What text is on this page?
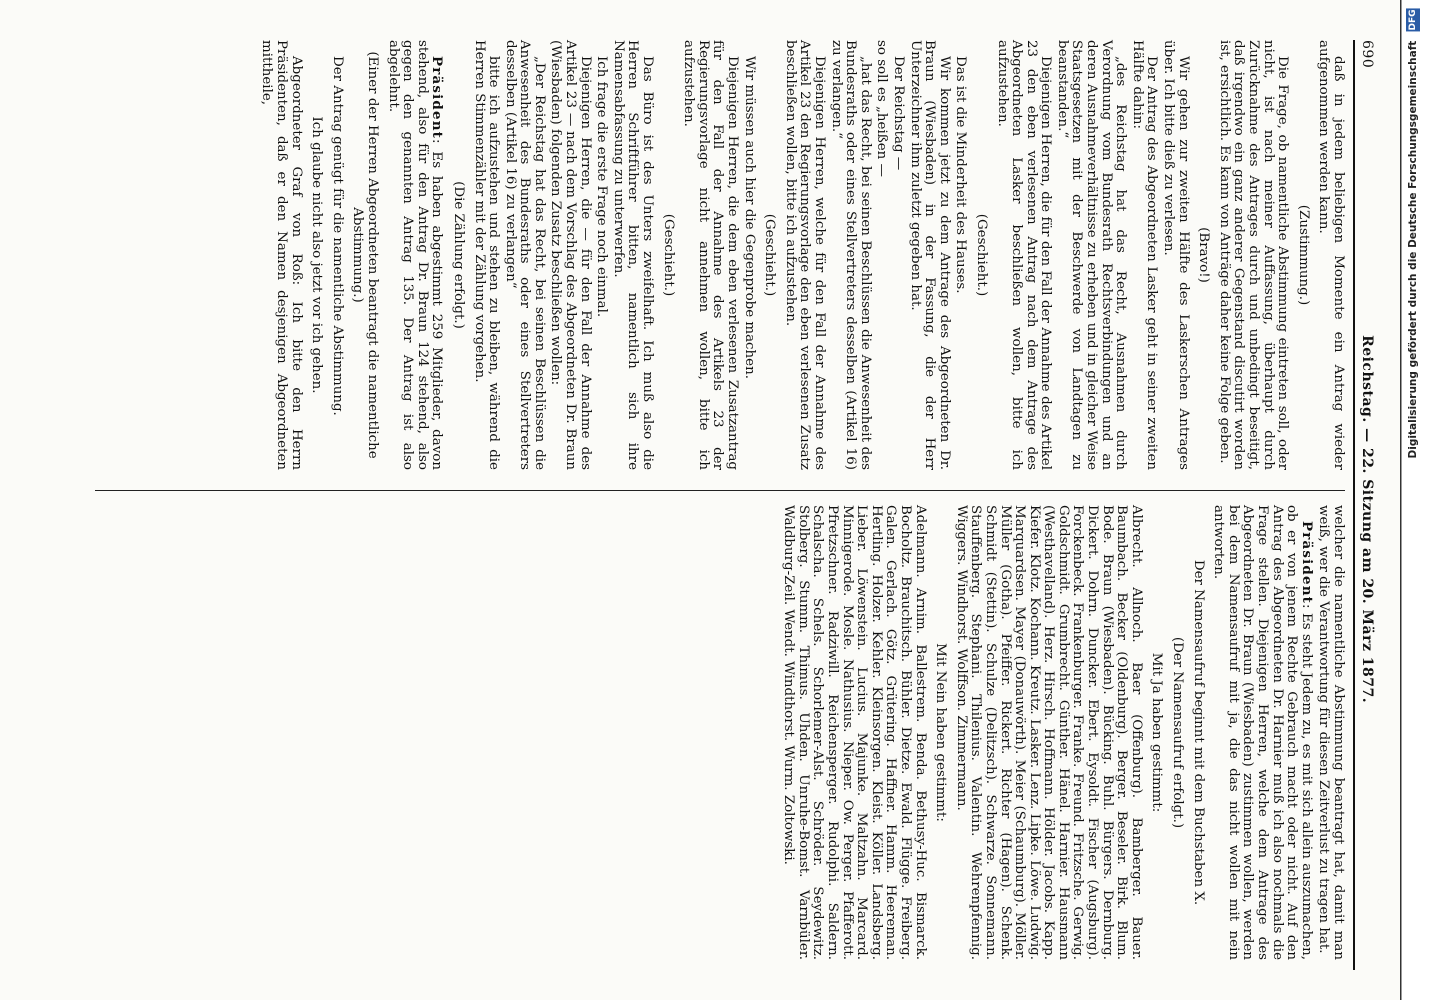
690
Reichstag. — 22. Sitzung am 20. März 1877.

daß in jedem beliebigen Momente ein Antrag wieder aufgenommen werden kann.

(Zustimmung.)

Die Frage, ob namentliche Abstimmung eintreten soll, oder nicht, ist nach meiner Auffassung, überhaupt durch Zurücknahme des Antrages durch und unbedingt beseitigt, daß irgendwo ein ganz anderer Gegenstand discutirt worden ist, ersichtlich. Es kann von Anträge daher keine Folge geben.

(Bravo!)

Wir gehen zur zweiten Hälfte des Laskerschen Antrages über. Ich bitte dieß zu verlesen.

Der Antrag des Abgeordneten Lasker geht in seiner zweiten Hälfte dahin:

„des Reichstag hat das Recht, Ausnahmen durch Verordnung vom Bundesrath Rechtsverbindungen und an deren Ausnahmeverhältnisse zu erheben und in gleicher Weise Staatsgesetzen mit der Beschwerde von Landtagen zu beanstanden.“

Diejenigen Herren, die für den Fall der Annahme des Artikel 23 den eben verlesenen Antrag nach dem Antrage des Abgeordneten Lasker beschließen wollen, bitte ich aufzustehen.

(Geschieht.)

Das ist die Minderheit des Hauses.

Wir kommen jetzt zu dem Antrage des Abgeordneten Dr. Braun (Wiesbaden) in der Fassung, die der Herr Unterzeichner ihm zuletzt gegeben hat.

Der Reichstag —

so soll es „heißen —

„hat das Recht, bei seinen Beschlüssen die Anwesenheit des Bundesraths oder eines Stellvertreters desselben (Artikel 16) zu verlangen.“

Diejenigen Herren, welche für den Fall der Annahme des Artikel 23 den Regierungsvorlage den eben verlesenen Zusatz beschließen wollen, bitte ich aufzustehen.

(Geschieht.)

Wir müssen auch hier die Gegenprobe machen.

Diejenigen Herren, die dem eben verlesenen Zusatzantrag für den Fall der Annahme des Artikels 23 der Regierungsvorlage nicht annehmen wollen, bitte ich aufzustehen.

(Geschieht.)

Das Büro ist des Unters zweifelhaft. Ich muß also die Herren Schriftführer bitten, namentlich sich ihre Namensabfassung zu unterwerfen.

Ich frage die erste Frage noch einmal.

Diejenigen Herren, die — für den Fall der Annahme des Artikel 23 — nach dem Vorschlag des Abgeordneten Dr. Braun (Wiesbaden) folgenden Zusatz beschließen wollen:

„Der Reichstag hat das Recht, bei seinen Beschlüssen die Anwesenheit des Bundesraths oder eines Stellvertreters desselben (Artikel 16) zu verlangen“

bitte ich aufzustehen und stehen zu bleiben, während die Herren Stimmenzähler mit der Zählung vorgehen.

(Die Zählung erfolgt.)

Präsident: Es haben abgestimmt 259 Mitglieder, davon stehend, also für den Antrag Dr. Braun 124 stehend, also gegen den genannten Antrag 135. Der Antrag ist also abgelehnt.

(Einer der Herren Abgeordneten beantragt die namentliche Abstimmung.)

Der Antrag genügt für die namentliche Abstimmung.

Ich glaube nicht also jetzt vor ich gehen.

Abgeordneter Graf von Roß: Ich bitte den Herrn Präsidenten, daß er den Namen desjenigen Abgeordneten mittheile,

welcher die namentliche Abstimmung beantragt hat, damit man weiß, wer die Verantwortung für diesen Zeitverlust zu tragen hat.

Präsident: Es steht Jedem zu, es mit sich allein auszumachen, ob er von jenem Rechte Gebrauch macht oder nicht. Auf den Antrag des Abgeordneten Dr. Harnier muß ich also nochmals die Frage stellen. Diejenigen Herren, welche dem Antrage des Abgeordneten Dr. Braun (Wiesbaden) zustimmen wollen, werden bei dem Namensaufruf mit ja, die das nicht wollen mit nein antworten.

Der Namensaufruf beginnt mit dem Buchstaben X.

(Der Namensaufruf erfolgt.)

Mit Ja haben gestimmt:

Albrecht. Allnoch. Baer (Offenburg). Bamberger. Bauer. Baumbach. Becker (Oldenburg). Berger. Beseler. Birk. Blum. Bode. Braun (Wiesbaden). Bücking. Buhl. Bürgers. Dernburg. Dickert. Dohrn. Duncker. Ebert. Eysoldt. Fischer (Augsburg). Forckenbeck. Frankenburger. Franke. Freund. Fritzsche. Gerwig. Goldschmidt. Grumbrecht. Günther. Hänel. Harnier. Hausmann (Westhavelland). Herz. Hirsch. Hoffmann. Hölder. Jacobs. Kapp. Kiefer. Klotz. Kochann. Kreutz. Lasker. Lenz. Lipke. Löwe. Ludwig. Marquardsen. Mayer (Donauwörth). Meier (Schaumburg). Möller. Müller (Gotha). Pfeiffer. Rickert. Richter (Hagen). Schenk. Schmidt (Stettin). Schulze (Delitzsch). Schwarze. Sonnemann. Stauffenberg. Stephani. Thilenius. Valentin. Wehrenpfennig. Wiggers. Windhorst. Wolffson. Zimmermann.

Mit Nein haben gestimmt:

Adelmann. Arnim. Ballestrem. Benda. Bethusy-Huc. Bismarck. Bocholtz. Brauchitsch. Bühler. Dietze. Ewald. Flügge. Freiberg. Galen. Gerlach. Götz. Grütering. Haffner. Hamm. Heereman. Hertling. Holzer. Kehler. Kleinsorgen. Kleist. Köller. Landsberg. Lieber. Löwenstein. Lucius. Majunke. Maltzahn. Marcard. Minnigerode. Mosle. Nathusius. Nieper. Ow. Perger. Pfafferott. Pfretzschner. Radziwill. Reichensperger. Rudolphi. Saldern. Schalscha. Schels. Schorlemer-Alst. Schröder. Seydewitz. Stolberg. Stumm. Thimus. Uhden. Unruhe-Bomst. Varnbüler. Waldburg-Zeil. Wendt. Windthorst. Wurm. Zoltowski.

Digitalisierung gefördert durch die Deutsche Forschungsgemeinschaft DFG
